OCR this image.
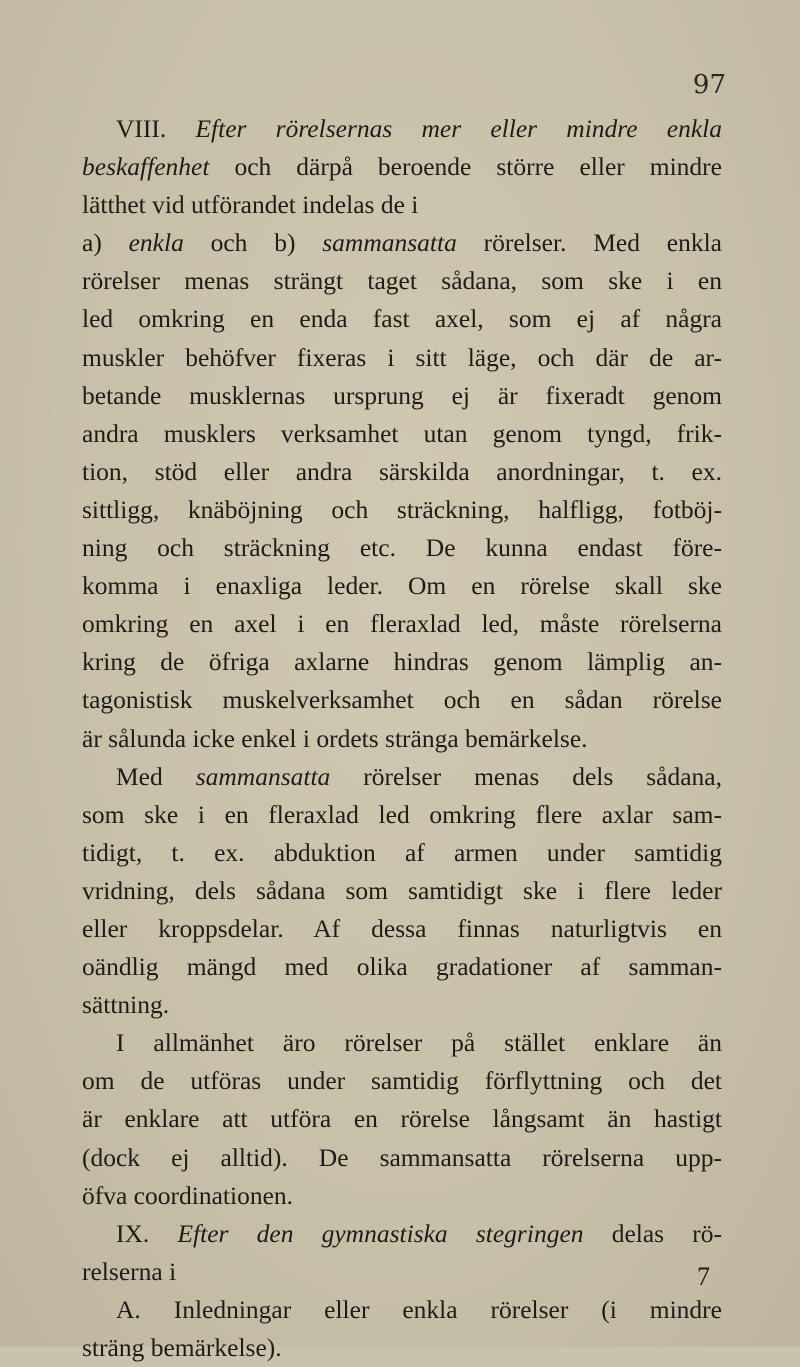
97
VIII. Efter rörelsernas mer eller mindre enkla
beskaffenhet och därpå beroende större eller mindre
lätthet vid utförandet indelas de i
a) enkla och b) sammansatta rörelser. Med enkla
rörelser menas strängt taget sådana, som ske i en
led omkring en enda fast axel, som ej af några
muskler behöfver fixeras i sitt läge, och där de ar-
betande musklernas ursprung ej är fixeradt genom
andra musklers verksamhet utan genom tyngd, frik-
tion, stöd eller andra särskilda anordningar, t. ex.
sittligg, knäböjning och sträckning, halfligg, fotböj-
ning och sträckning etc. De kunna endast före-
komma i enaxliga leder. Om en rörelse skall ske
omkring en axel i en fleraxlad led, måste rörelserna
kring de öfriga axlarne hindras genom lämplig an-
tagonistisk muskelverksamhet och en sådan rörelse
är sålunda icke enkel i ordets stränga bemärkelse.
Med sammansatta rörelser menas dels sådana,
som ske i en fleraxlad led omkring flere axlar sam-
tidigt, t. ex. abduktion af armen under samtidig
vridning, dels sådana som samtidigt ske i flere leder
eller kroppsdelar. Af dessa finnas naturligtvis en
oändlig mängd med olika gradationer af samman-
sättning.
I allmänhet äro rörelser på stället enklare än
om de utföras under samtidig förflyttning och det
är enklare att utföra en rörelse långsamt än hastigt
(dock ej alltid). De sammansatta rörelserna upp-
öfva coordinationen.
IX. Efter den gymnastiska stegringen delas rö-
relserna i
A. Inledningar eller enkla rörelser (i mindre
sträng bemärkelse).
7
